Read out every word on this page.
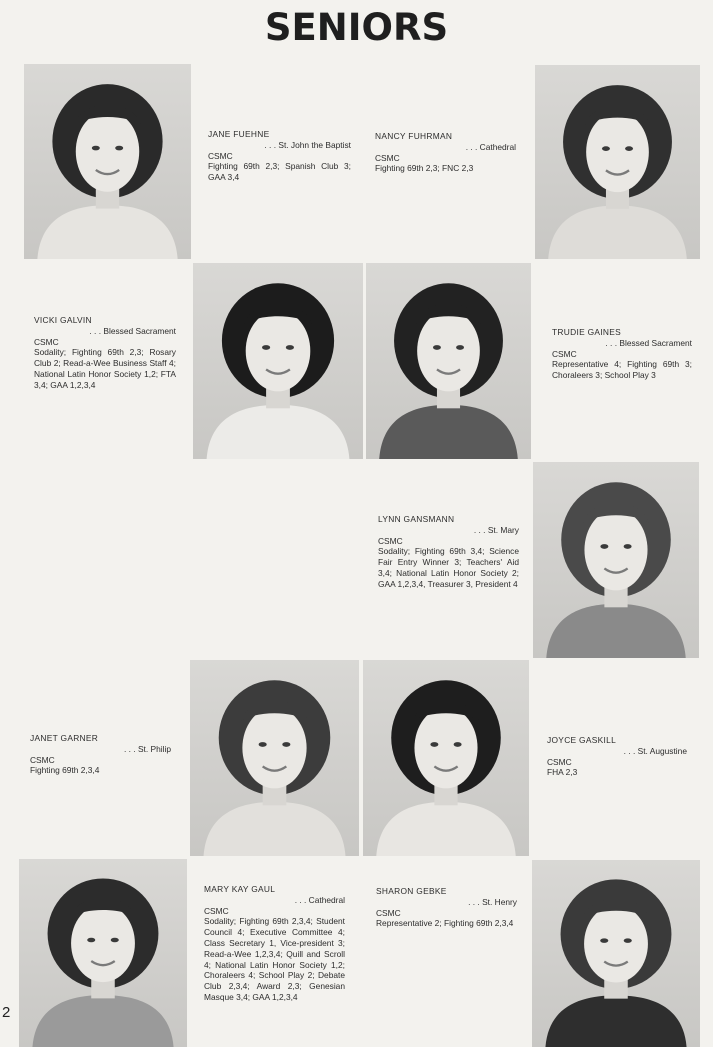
SENIORS
JANE FUEHNE
. . . St. John the Baptist
CSMC
Fighting 69th 2,3; Spanish Club 3; GAA 3,4
NANCY FUHRMAN
. . . Cathedral
CSMC
Fighting 69th 2,3; FNC 2,3
VICKI GALVIN
. . . Blessed Sacrament
CSMC
Sodality; Fighting 69th 2,3; Rosary Club 2; Read-a-Wee Business Staff 4; National Latin Honor Society 1,2; FTA 3,4; GAA 1,2,3,4
TRUDIE GAINES
. . . Blessed Sacrament
CSMC
Representative 4; Fighting 69th 3; Choraleers 3; School Play 3
LYNN GANSMANN
. . . St. Mary
CSMC
Sodality; Fighting 69th 3,4; Science Fair Entry Winner 3; Teachers' Aid 3,4; National Latin Honor Society 2; GAA 1,2,3,4, Treasurer 3, President 4
JANET GARNER
. . . St. Philip
CSMC
Fighting 69th 2,3,4
JOYCE GASKILL
. . . St. Augustine
CSMC
FHA 2,3
MARY KAY GAUL
. . . Cathedral
CSMC
Sodality; Fighting 69th 2,3,4; Student Council 4; Executive Committee 4; Class Secretary 1, Vice-president 3; Read-a-Wee 1,2,3,4; Quill and Scroll 4; National Latin Honor Society 1,2; Choraleers 4; School Play 2; Debate Club 2,3,4; Award 2,3; Genesian Masque 3,4; GAA 1,2,3,4
SHARON GEBKE
. . . St. Henry
CSMC
Representative 2; Fighting 69th 2,3,4
2
